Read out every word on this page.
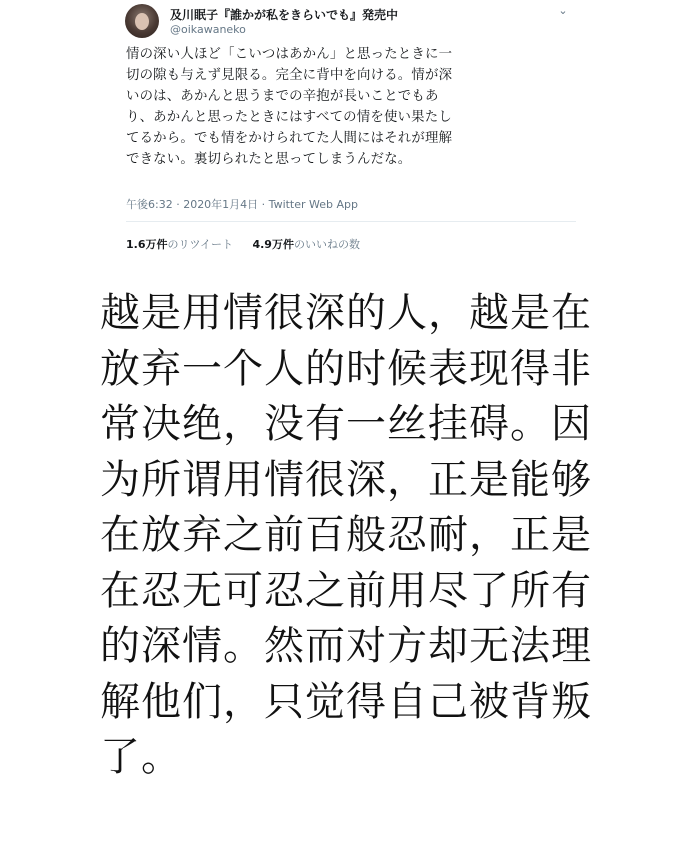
及川眠子『誰かが私をきらいでも』発売中
@oikawaneko
⌄

情の深い人ほど「こいつはあかん」と思ったときに一

切の隙も与えず見限る。完全に背中を向ける。情が深

いのは、あかんと思うまでの辛抱が長いことでもあ

り、あかんと思ったときにはすべての情を使い果たし

てるから。でも情をかけられてた人間にはそれが理解

できない。裏切られたと思ってしまうんだな。

午後6:32 · 2020年1月4日 · Twitter Web App
1.6万件のリツイート 4.9万件のいいねの数

越是用情很深的人，越是在

放弃一个人的时候表现得非

常决绝，没有一丝挂碍。因

为所谓用情很深，正是能够

在放弃之前百般忍耐，正是

在忍无可忍之前用尽了所有

的深情。然而对方却无法理

解他们，只觉得自己被背叛

了。
